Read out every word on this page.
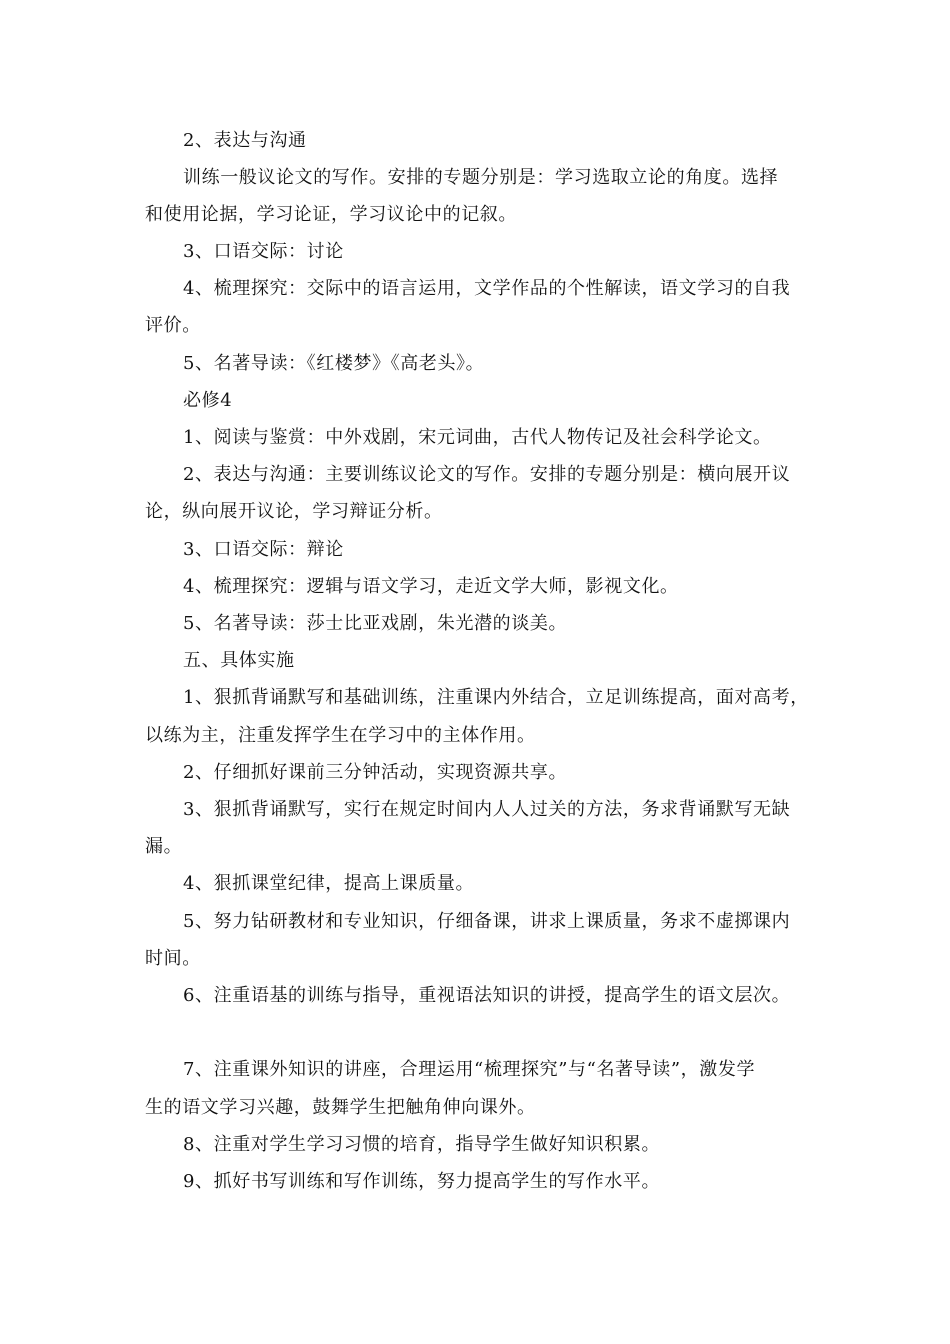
2、表达与沟通
训练一般议论文的写作。安排的专题分别是：学习选取立论的角度。选择
和使用论据，学习论证，学习议论中的记叙。
3、口语交际：讨论
4、梳理探究：交际中的语言运用，文学作品的个性解读，语文学习的自我
评价。
5、名著导读：《红楼梦》《高老头》。
必修4
1、阅读与鉴赏：中外戏剧，宋元词曲，古代人物传记及社会科学论文。
2、表达与沟通：主要训练议论文的写作。安排的专题分别是：横向展开议
论，纵向展开议论，学习辩证分析。
3、口语交际：辩论
4、梳理探究：逻辑与语文学习，走近文学大师，影视文化。
5、名著导读：莎士比亚戏剧，朱光潜的谈美。
五、具体实施
1、狠抓背诵默写和基础训练，注重课内外结合，立足训练提高，面对高考，
以练为主，注重发挥学生在学习中的主体作用。
2、仔细抓好课前三分钟活动，实现资源共享。
3、狠抓背诵默写，实行在规定时间内人人过关的方法，务求背诵默写无缺
漏。
4、狠抓课堂纪律，提高上课质量。
5、努力钻研教材和专业知识，仔细备课，讲求上课质量，务求不虚掷课内
时间。
6、注重语基的训练与指导，重视语法知识的讲授，提高学生的语文层次。
7、注重课外知识的讲座，合理运用“梳理探究”与“名著导读”，激发学
生的语文学习兴趣，鼓舞学生把触角伸向课外。
8、注重对学生学习习惯的培育，指导学生做好知识积累。
9、抓好书写训练和写作训练，努力提高学生的写作水平。
